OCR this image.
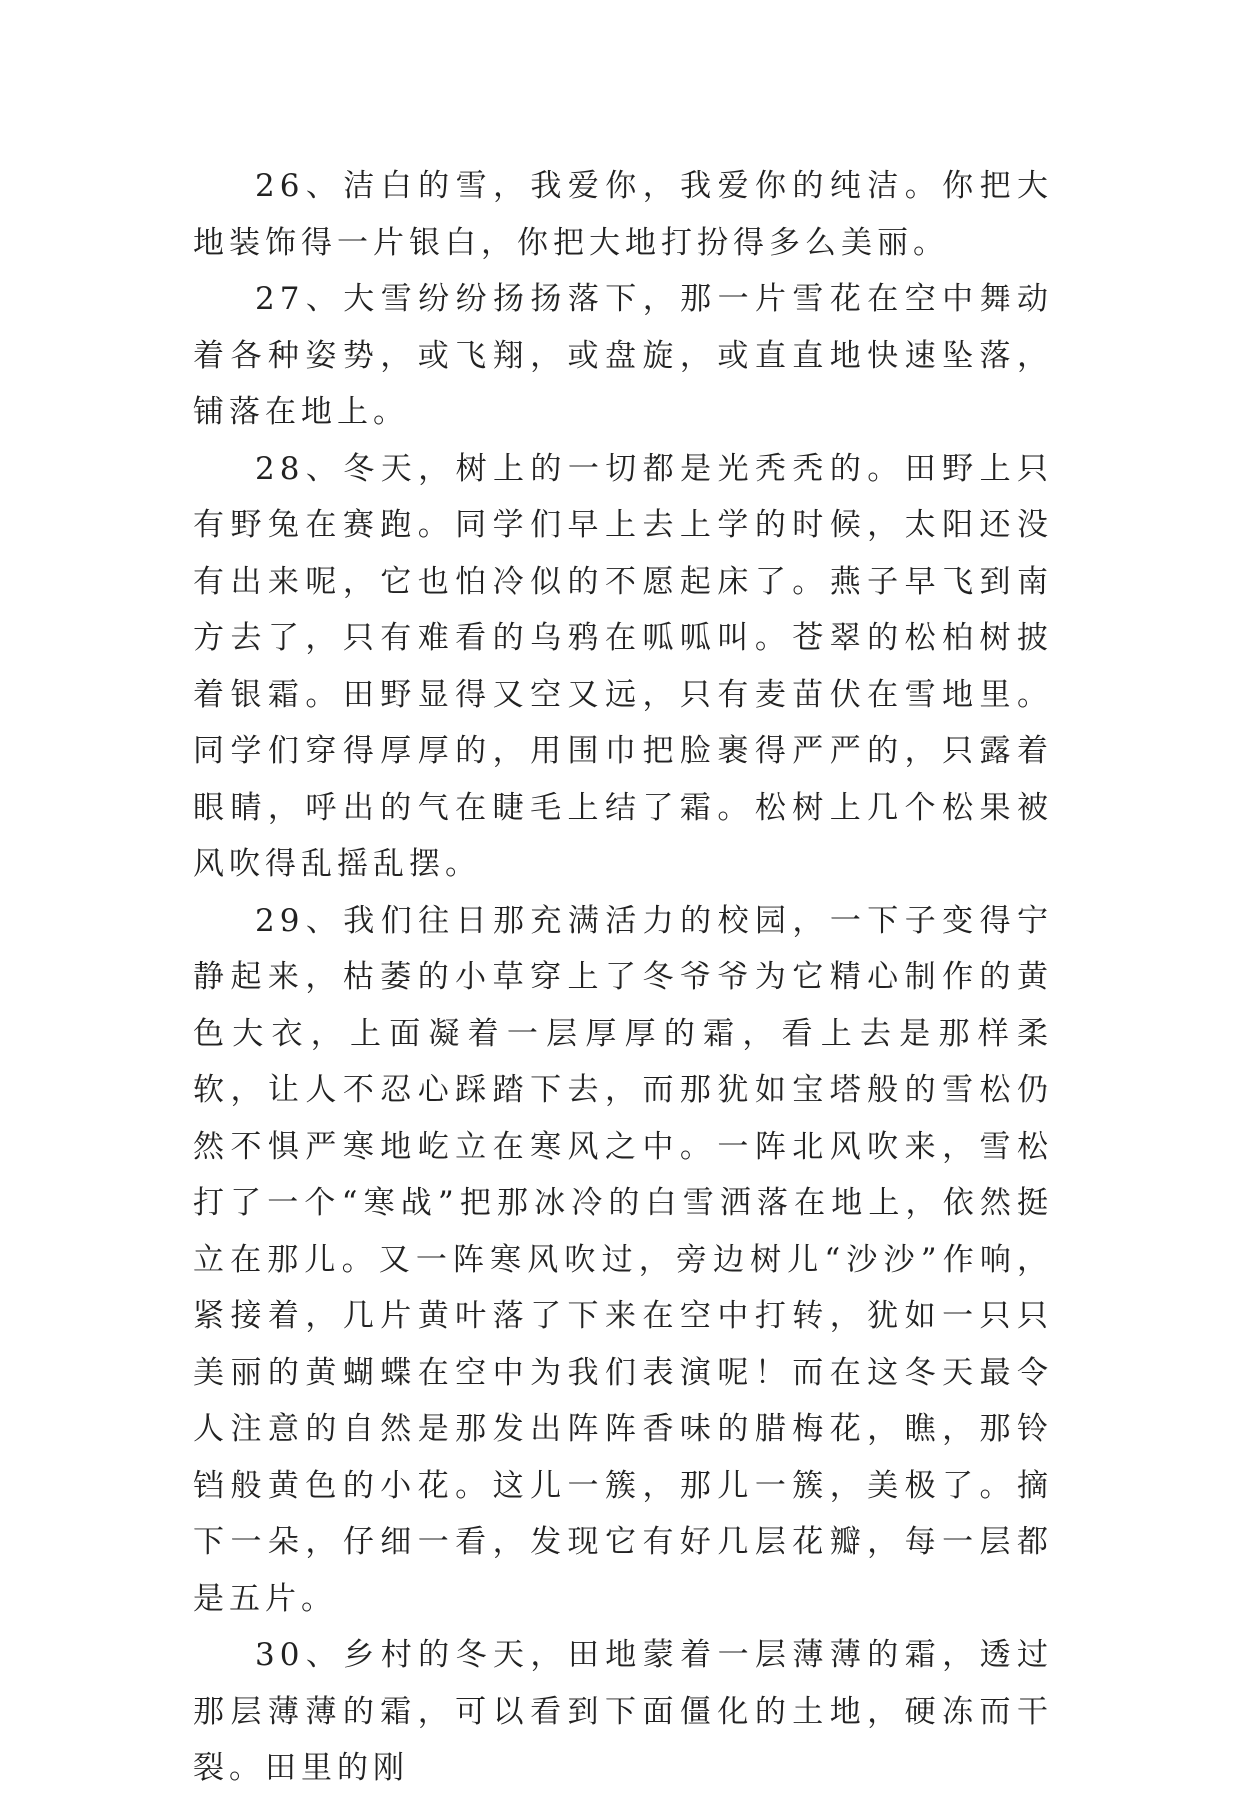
26、洁白的雪，我爱你，我爱你的纯洁。你把大地装饰得一片银白，你把大地打扮得多么美丽。

27、大雪纷纷扬扬落下，那一片雪花在空中舞动着各种姿势，或飞翔，或盘旋，或直直地快速坠落，铺落在地上。

28、冬天，树上的一切都是光秃秃的。田野上只有野兔在赛跑。同学们早上去上学的时候，太阳还没有出来呢，它也怕冷似的不愿起床了。燕子早飞到南方去了，只有难看的乌鸦在呱呱叫。苍翠的松柏树披着银霜。田野显得又空又远，只有麦苗伏在雪地里。同学们穿得厚厚的，用围巾把脸裹得严严的，只露着眼睛，呼出的气在睫毛上结了霜。松树上几个松果被风吹得乱摇乱摆。

29、我们往日那充满活力的校园，一下子变得宁静起来，枯萎的小草穿上了冬爷爷为它精心制作的黄色大衣，上面凝着一层厚厚的霜，看上去是那样柔软，让人不忍心踩踏下去，而那犹如宝塔般的雪松仍然不惧严寒地屹立在寒风之中。一阵北风吹来，雪松打了一个“寒战”把那冰冷的白雪洒落在地上，依然挺立在那儿。又一阵寒风吹过，旁边树儿“沙沙”作响，紧接着，几片黄叶落了下来在空中打转，犹如一只只美丽的黄蝴蝶在空中为我们表演呢！而在这冬天最令人注意的自然是那发出阵阵香味的腊梅花，瞧，那铃铛般黄色的小花。这儿一簇，那儿一簇，美极了。摘下一朵，仔细一看，发现它有好几层花瓣，每一层都是五片。

30、乡村的冬天，田地蒙着一层薄薄的霜，透过那层薄薄的霜，可以看到下面僵化的土地，硬冻而干裂。田里的刚
